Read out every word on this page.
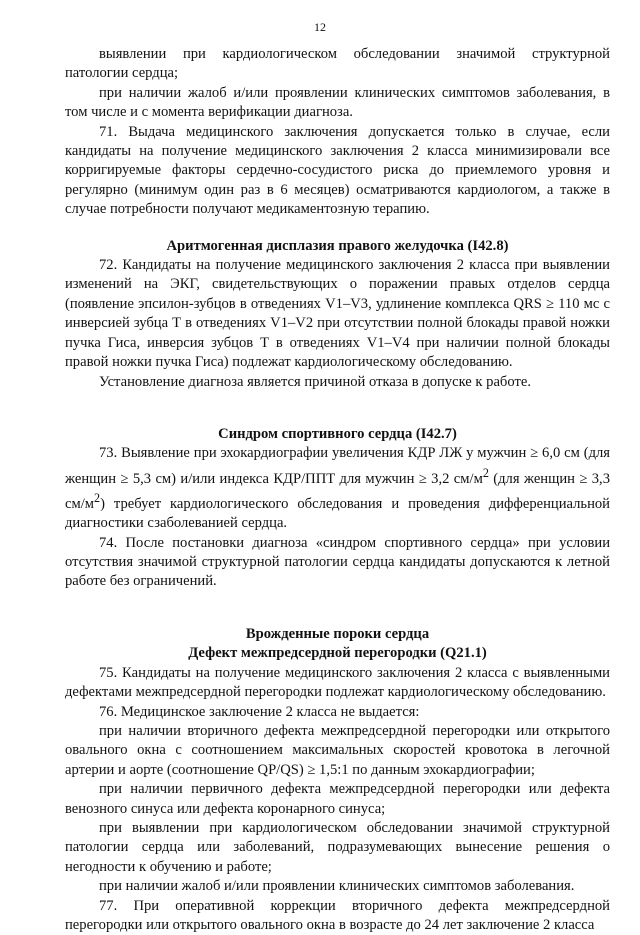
12

выявлении при кардиологическом обследовании значимой структурной патологии сердца;

при наличии жалоб и/или проявлении клинических симптомов заболевания, в том числе и с момента верификации диагноза.

71. Выдача медицинского заключения допускается только в случае, если кандидаты на получение медицинского заключения 2 класса минимизировали все корригируемые факторы сердечно-сосудистого риска до приемлемого уровня и регулярно (минимум один раз в 6 месяцев) осматриваются кардиологом, а также в случае потребности получают медикаментозную терапию.

Аритмогенная дисплазия правого желудочка (I42.8)

72. Кандидаты на получение медицинского заключения 2 класса при выявлении изменений на ЭКГ, свидетельствующих о поражении правых отделов сердца (появление эпсилон-зубцов в отведениях V1–V3, удлинение комплекса QRS ≥ 110 мс с инверсией зубца Т в отведениях V1–V2 при отсутствии полной блокады правой ножки пучка Гиса, инверсия зубцов Т в отведениях V1–V4 при наличии полной блокады правой ножки пучка Гиса) подлежат кардиологическому обследованию.

Установление диагноза является причиной отказа в допуске к работе.

Синдром спортивного сердца (I42.7)

73. Выявление при эхокардиографии увеличения КДР ЛЖ у мужчин ≥ 6,0 см (для женщин ≥ 5,3 см) и/или индекса КДР/ППТ для мужчин ≥ 3,2 $см/м^2$ (для женщин ≥ 3,3 $см/м^2$) требует кардиологического обследования и проведения дифференциальной диагностики сзаболеванией сердца.

74. После постановки диагноза «синдром спортивного сердца» при условии отсутствия значимой структурной патологии сердца кандидаты допускаются к летной работе без ограничений.

Врожденные пороки сердца
Дефект межпредсердной перегородки (Q21.1)

75. Кандидаты на получение медицинского заключения 2 класса с выявленными дефектами межпредсердной перегородки подлежат кардиологическому обследованию.

76. Медицинское заключение 2 класса не выдается:

при наличии вторичного дефекта межпредсердной перегородки или открытого овального окна с соотношением максимальных скоростей кровотока в легочной артерии и аорте (соотношение QP/QS) ≥ 1,5:1 по данным эхокардиографии;

при наличии первичного дефекта межпредсердной перегородки или дефекта венозного синуса или дефекта коронарного синуса;

при выявлении при кардиологическом обследовании значимой структурной патологии сердца или заболеваний, подразумевающих вынесение решения о негодности к обучению и работе;

при наличии жалоб и/или проявлении клинических симптомов заболевания.

77. При оперативной коррекции вторичного дефекта межпредсердной перегородки или открытого овального окна в возрасте до 24 лет заключение 2 класса
